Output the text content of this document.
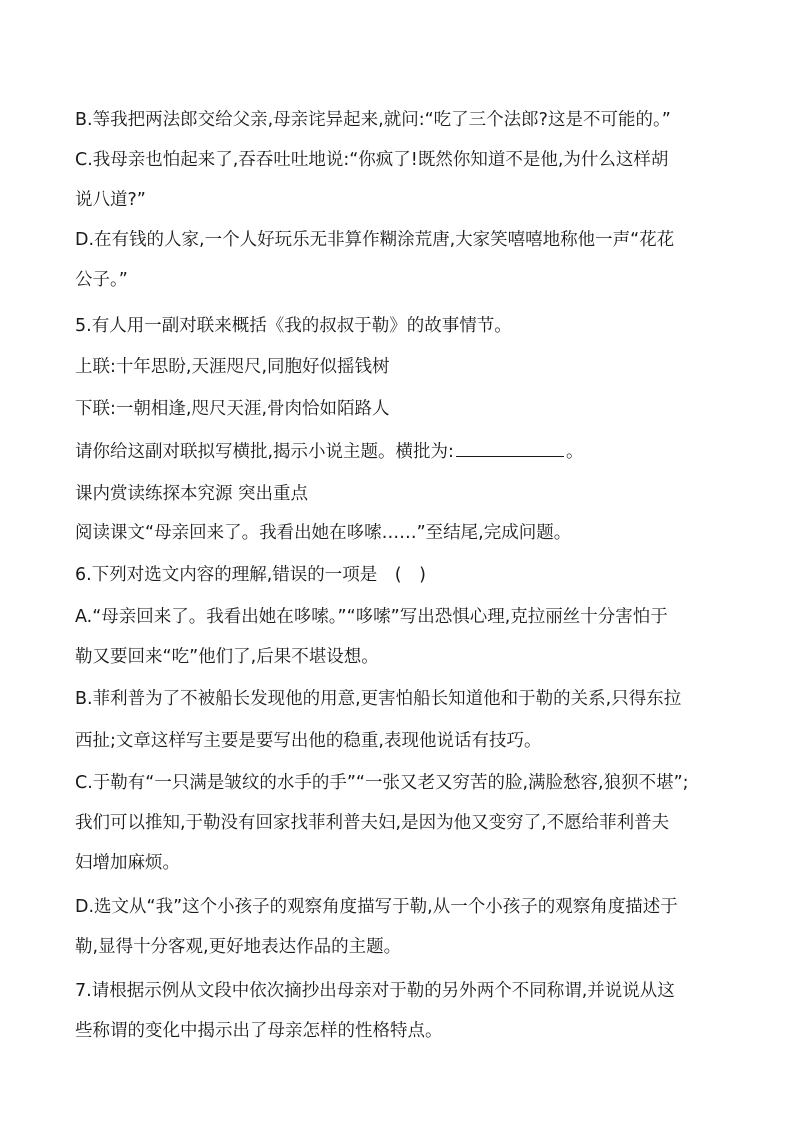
B.等我把两法郎交给父亲,母亲诧异起来,就问:“吃了三个法郎?这是不可能的。”
C.我母亲也怕起来了,吞吞吐吐地说:“你疯了!既然你知道不是他,为什么这样胡
说八道?”
D.在有钱的人家,一个人好玩乐无非算作糊涂荒唐,大家笑嘻嘻地称他一声“花花
公子。”
5.有人用一副对联来概括《我的叔叔于勒》的故事情节。
上联:十年思盼,天涯咫尺,同胞好似摇钱树
下联:一朝相逢,咫尺天涯,骨肉恰如陌路人
请你给这副对联拟写横批,揭示小说主题。横批为:	。
课内赏读练探本究源 突出重点
阅读课文“母亲回来了。我看出她在哆嗦……”至结尾,完成问题。
6.下列对选文内容的理解,错误的一项是　(　)
A.“母亲回来了。我看出她在哆嗦。”“哆嗦”写出恐惧心理,克拉丽丝十分害怕于
勒又要回来“吃”他们了,后果不堪设想。
B.菲利普为了不被船长发现他的用意,更害怕船长知道他和于勒的关系,只得东拉
西扯;文章这样写主要是要写出他的稳重,表现他说话有技巧。
C.于勒有“一只满是皱纹的水手的手”“一张又老又穷苦的脸,满脸愁容,狼狈不堪”;
我们可以推知,于勒没有回家找菲利普夫妇,是因为他又变穷了,不愿给菲利普夫
妇增加麻烦。
D.选文从“我”这个小孩子的观察角度描写于勒,从一个小孩子的观察角度描述于
勒,显得十分客观,更好地表达作品的主题。
7.请根据示例从文段中依次摘抄出母亲对于勒的另外两个不同称谓,并说说从这
些称谓的变化中揭示出了母亲怎样的性格特点。
